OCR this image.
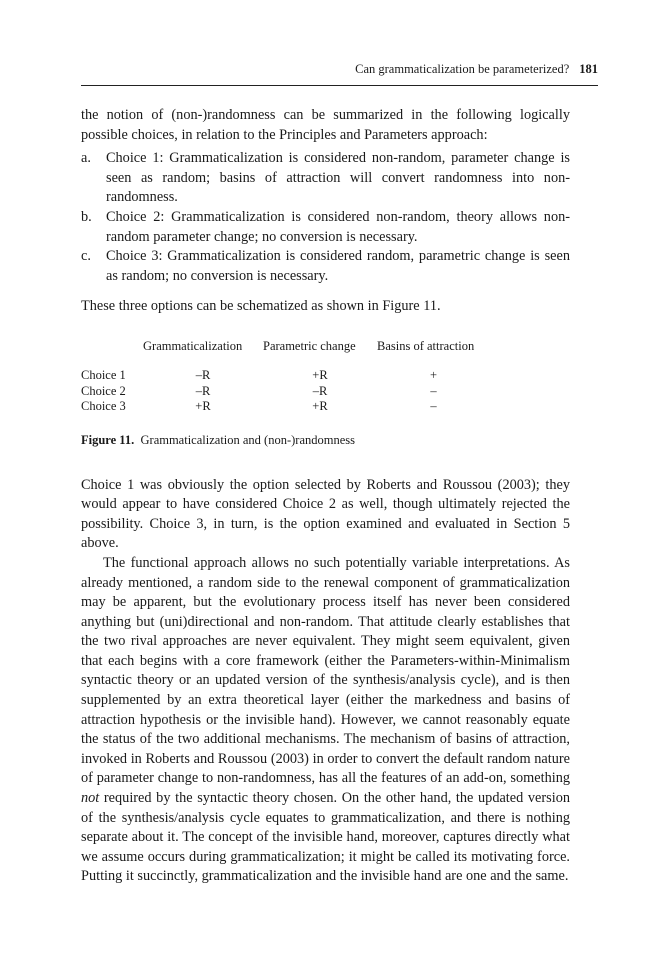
Can grammaticalization be parameterized? 181

the notion of (non-)randomness can be summarized in the following logically possible choices, in relation to the Principles and Parameters approach:

a.	Choice 1: Grammaticalization is considered non-random, parameter change is seen as random; basins of attraction will convert randomness into non-randomness.
b. Choice 2: Grammaticalization is considered non-random, theory allows non-random parameter change; no conversion is necessary.
c.	Choice 3: Grammaticalization is considered random, parametric change is seen as random; no conversion is necessary.

These three options can be schematized as shown in Figure 11.

	Grammaticalization	Parametric change	Basins of attraction
Choice 1	–R	+R	+
Choice 2	–R	–R	–
Choice 3	+R	+R	–
Figure 11. Grammaticalization and (non-)randomness

Choice 1 was obviously the option selected by Roberts and Roussou (2003); they would appear to have considered Choice 2 as well, though ultimately rejected the possibility. Choice 3, in turn, is the option examined and evaluated in Section 5 above.

The functional approach allows no such potentially variable interpretations. As already mentioned, a random side to the renewal component of grammaticalization may be apparent, but the evolutionary process itself has never been considered anything but (uni)directional and non-random. That attitude clearly establishes that the two rival approaches are never equivalent. They might seem equivalent, given that each begins with a core framework (either the Parameters-within-Minimalism syntactic theory or an updated version of the synthesis/analysis cycle), and is then supplemented by an extra theoretical layer (either the markedness and basins of attraction hypothesis or the invisible hand). However, we cannot reasonably equate the status of the two additional mechanisms. The mechanism of basins of attraction, invoked in Roberts and Roussou (2003) in order to convert the default random nature of parameter change to non-randomness, has all the features of an add-on, something not required by the syntactic theory chosen. On the other hand, the updated version of the synthesis/analysis cycle equates to grammaticalization, and there is nothing separate about it. The concept of the invisible hand, moreover, captures directly what we assume occurs during grammaticalization; it might be called its motivating force. Putting it succinctly, grammaticalization and the invisible hand are one and the same.
